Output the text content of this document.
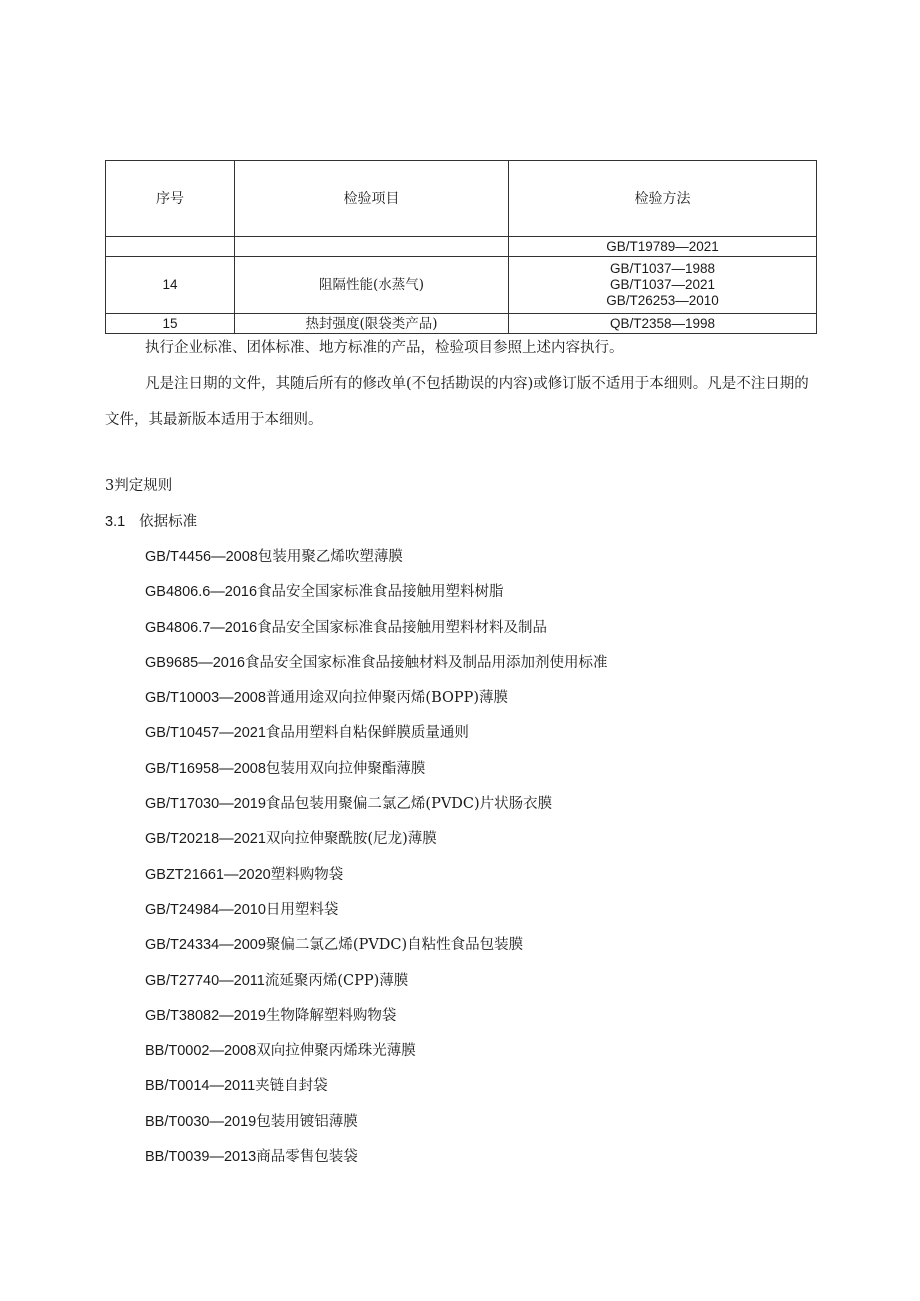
序号	检验项目	检验方法

		GB/T19789—2021

14	阻隔性能(水蒸气)	GB/T1037—1988
GB/T1037—2021
GB/T26253—2010

15	热封强度(限袋类产品)	QB/T2358—1998

执行企业标准、团体标准、地方标准的产品，检验项目参照上述内容执行。

凡是注日期的文件，其随后所有的修改单(不包括勘误的内容)或修订版不适用于本细则。凡是不注日期的文件，其最新版本适用于本细则。

3判定规则

3.1 依据标准

GB/T4456—2008包装用聚乙烯吹塑薄膜
GB4806.6—2016食品安全国家标准食品接触用塑料树脂
GB4806.7—2016食品安全国家标准食品接触用塑料材料及制品
GB9685—2016食品安全国家标准食品接触材料及制品用添加剂使用标准
GB/T10003—2008普通用途双向拉伸聚丙烯(BOPP)薄膜
GB/T10457—2021食品用塑料自粘保鲜膜质量通则
GB/T16958—2008包装用双向拉伸聚酯薄膜
GB/T17030—2019食品包装用聚偏二氯乙烯(PVDC)片状肠衣膜
GB/T20218—2021双向拉伸聚酰胺(尼龙)薄膜
GBZT21661—2020塑料购物袋
GB/T24984—2010日用塑料袋
GB/T24334—2009聚偏二氯乙烯(PVDC)自粘性食品包装膜
GB/T27740—2011流延聚丙烯(CPP)薄膜
GB/T38082—2019生物降解塑料购物袋
BB/T0002—2008双向拉伸聚丙烯珠光薄膜
BB/T0014—2011夹链自封袋
BB/T0030—2019包装用镀铝薄膜
BB/T0039—2013商品零售包装袋
